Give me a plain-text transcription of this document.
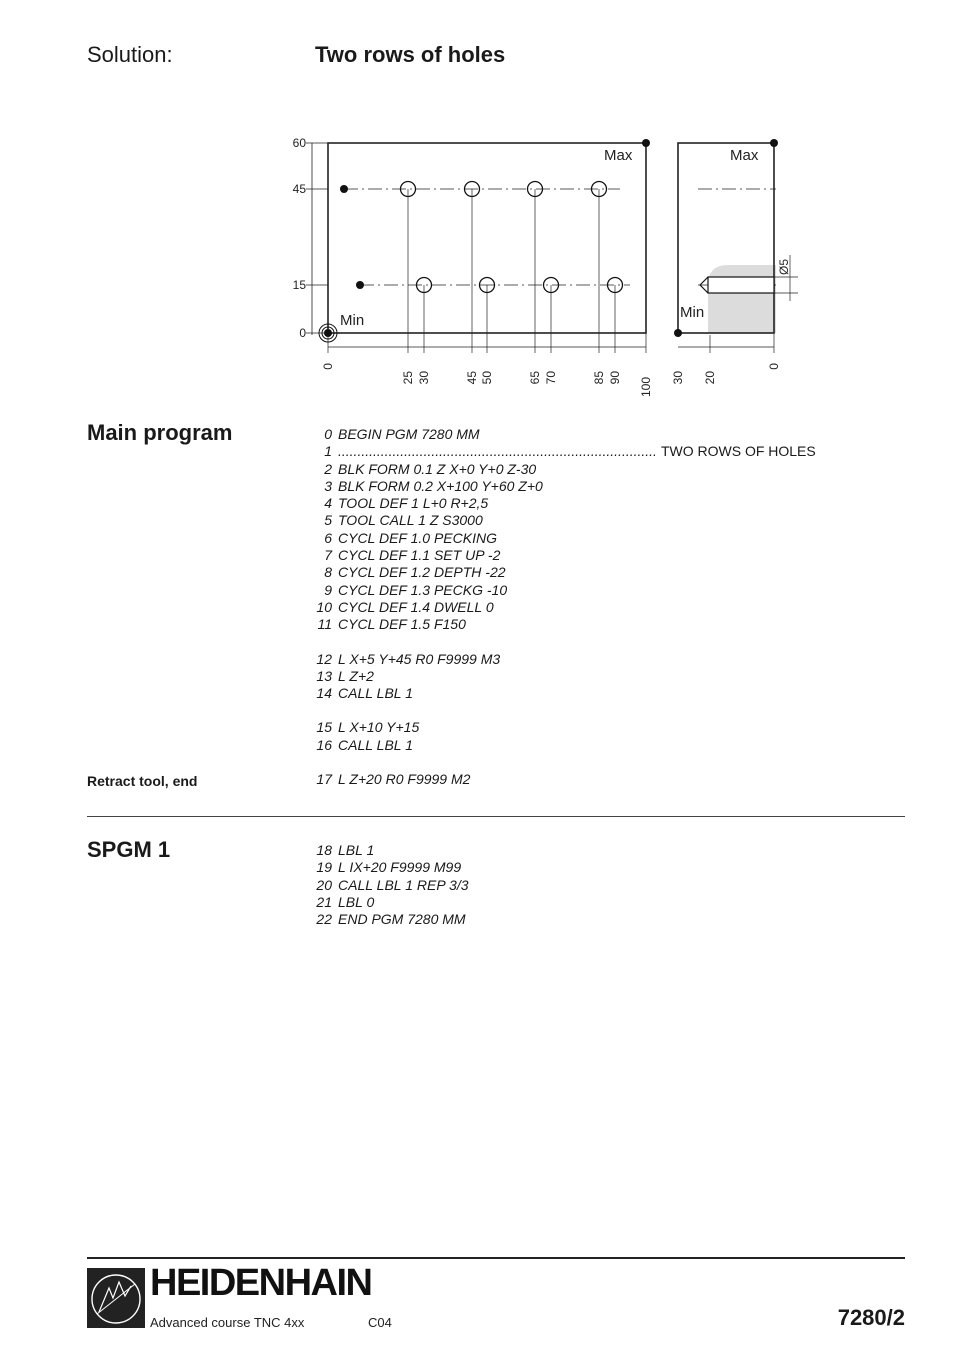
Solution:	Two rows of holes
60
45
15
0
0
25 30	45 50	65 70	85 90 100
Min
Max
Ø5
Max
Min
30 20
0
Main program	0 BEGIN PGM 7280 MM
1 .................................................................................. TWO ROWS OF HOLES
2 BLK FORM 0.1 Z X+0 Y+0 Z-30
3 BLK FORM 0.2 X+100 Y+60 Z+0
4 TOOL DEF 1 L+0 R+2,5
5 TOOL CALL 1 Z S3000
6 CYCL DEF 1.0 PECKING
7 CYCL DEF 1.1 SET UP -2
8 CYCL DEF 1.2 DEPTH -22
9 CYCL DEF 1.3 PECKG -10
10 CYCL DEF 1.4 DWELL 0
11 CYCL DEF 1.5 F150
12 L X+5 Y+45 R0 F9999 M3
13 L Z+2
14 CALL LBL 1
15 L X+10 Y+15
16 CALL LBL 1
17 L Z+20 R0 F9999 M2
Retract tool, end
SPGM 1	18 LBL 1
19 L IX+20 F9999 M99
20 CALL LBL 1 REP 3/3
21 LBL 0
22 END PGM 7280 MM
HEIDENHAIN
Advanced course TNC 4xx	C04	7280/2
